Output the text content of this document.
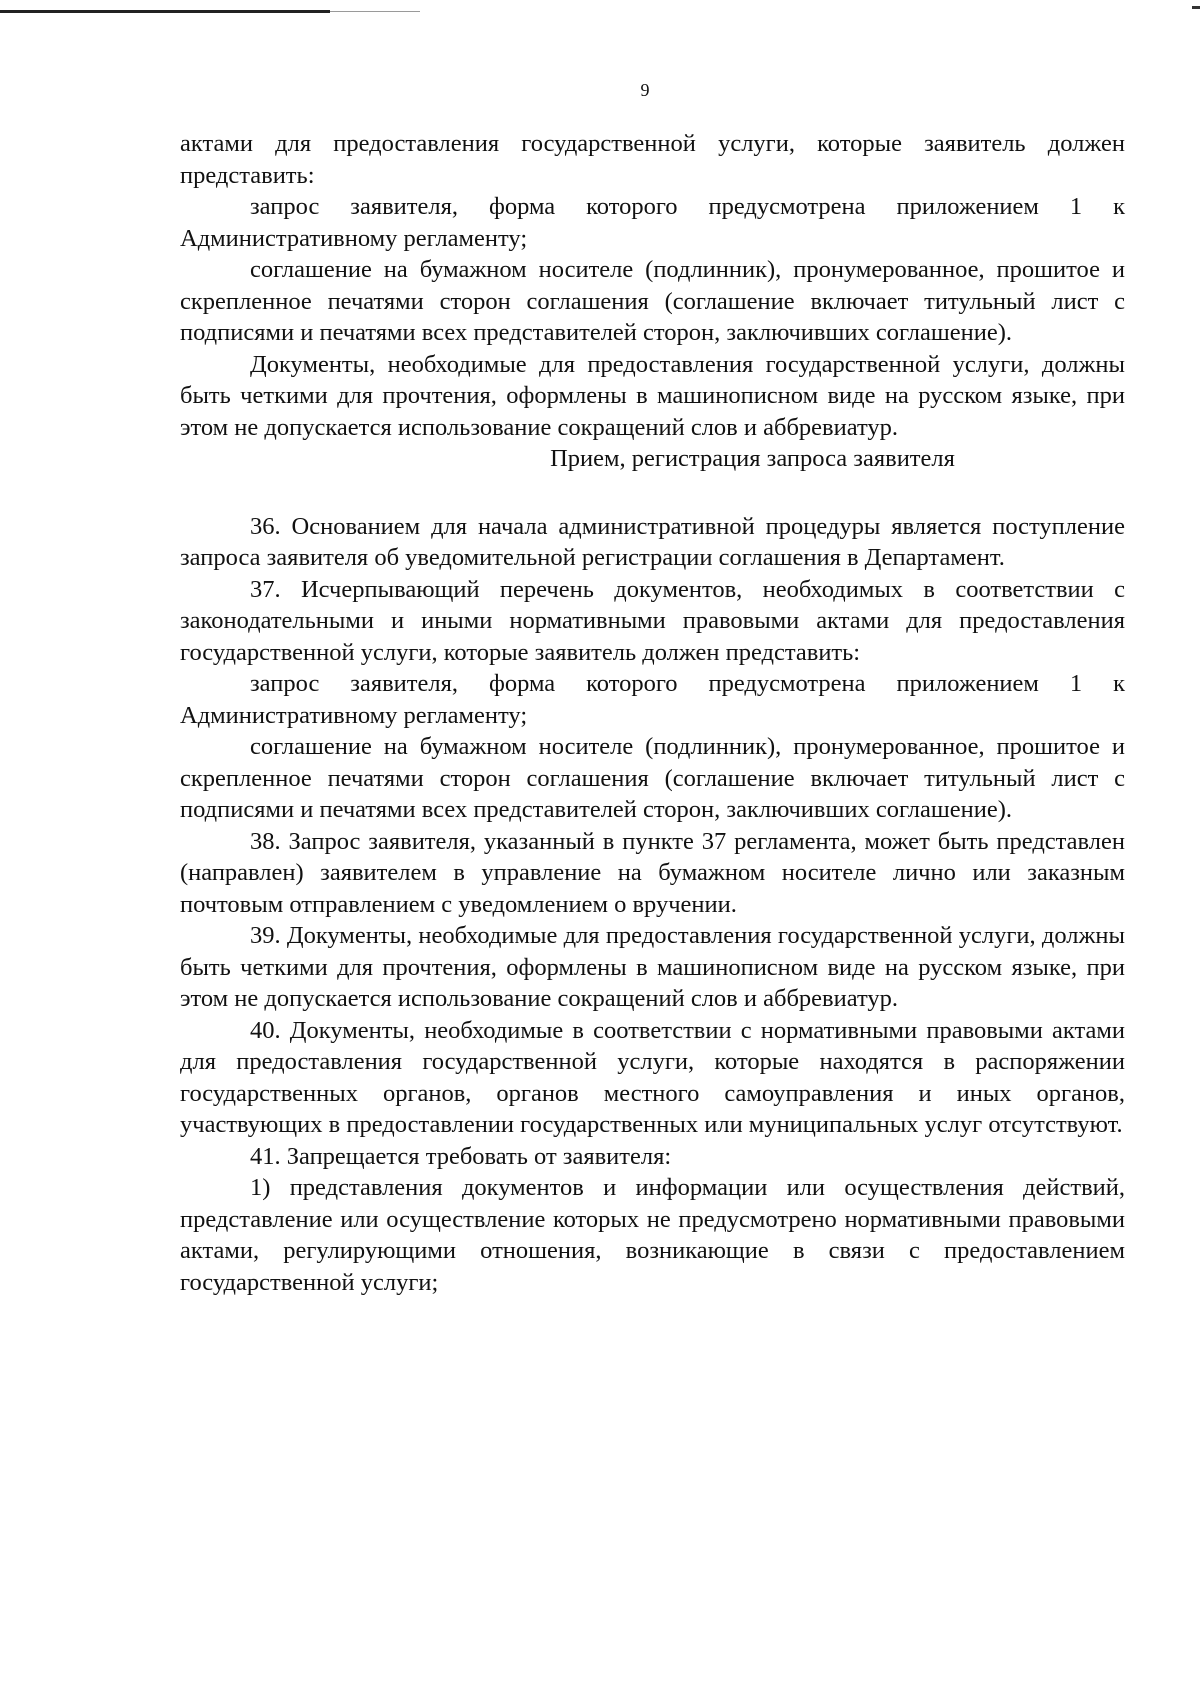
9

актами для предоставления государственной услуги, которые заявитель должен представить:

запрос заявителя, форма которого предусмотрена приложением 1 к Административному регламенту;

соглашение на бумажном носителе (подлинник), пронумерованное, прошитое и скрепленное печатями сторон соглашения (соглашение включает титульный лист с подписями и печатями всех представителей сторон, заключивших соглашение).

Документы, необходимые для предоставления государственной услуги, должны быть четкими для прочтения, оформлены в машинописном виде на русском языке, при этом не допускается использование сокращений слов и аббревиатур.

Прием, регистрация запроса заявителя

36. Основанием для начала административной процедуры является поступление запроса заявителя об уведомительной регистрации соглашения в Департамент.

37. Исчерпывающий перечень документов, необходимых в соответствии с законодательными и иными нормативными правовыми актами для предоставления государственной услуги, которые заявитель должен представить:

запрос заявителя, форма которого предусмотрена приложением 1 к Административному регламенту;

соглашение на бумажном носителе (подлинник), пронумерованное, прошитое и скрепленное печатями сторон соглашения (соглашение включает титульный лист с подписями и печатями всех представителей сторон, заключивших соглашение).

38. Запрос заявителя, указанный в пункте 37 регламента, может быть представлен (направлен) заявителем в управление на бумажном носителе лично или заказным почтовым отправлением с уведомлением о вручении.

39. Документы, необходимые для предоставления государственной услуги, должны быть четкими для прочтения, оформлены в машинописном виде на русском языке, при этом не допускается использование сокращений слов и аббревиатур.

40. Документы, необходимые в соответствии с нормативными правовыми актами для предоставления государственной услуги, которые находятся в распоряжении государственных органов, органов местного самоуправления и иных органов, участвующих в предоставлении государственных или муниципальных услуг отсутствуют.

41. Запрещается требовать от заявителя:

1) представления документов и информации или осуществления действий, представление или осуществление которых не предусмотрено нормативными правовыми актами, регулирующими отношения, возникающие в связи с предоставлением государственной услуги;
